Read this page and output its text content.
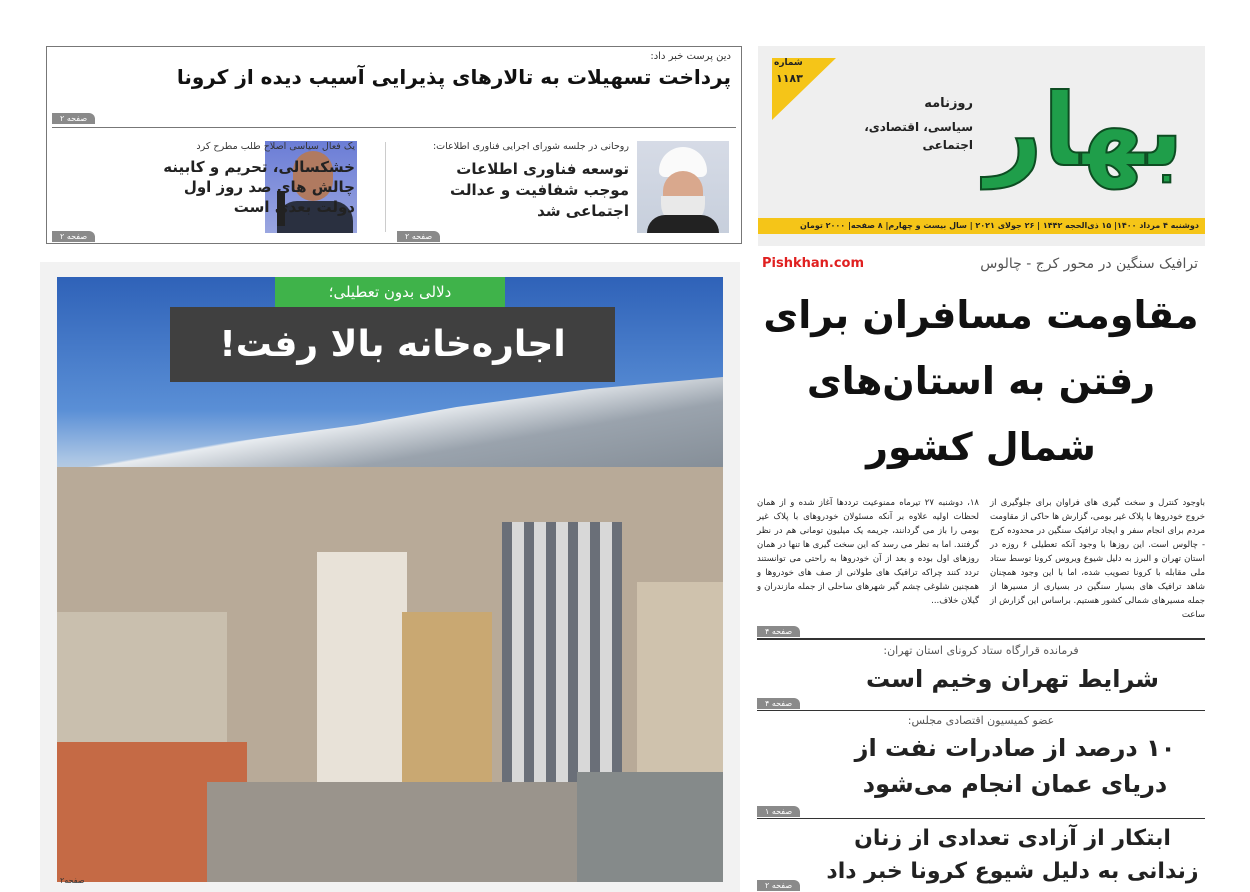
دین پرست خبر داد:
پرداخت تسهیلات به تالارهای پذیرایی آسیب دیده از کرونا
صفحه ۲
روحانی در جلسه شورای اجرایی فناوری اطلاعات:
توسعه فناوری اطلاعات موجب شفافیت و عدالت اجتماعی شد
صفحه ۲
یک فعال سیاسی اصلاح طلب مطرح کرد
خشکسالی، تحریم و کابینه چالش های صد روز اول دولت بعدی است
صفحه ۲
شماره
۱۱۸۳ بهار
روزنامه
سیاسی، اقتصادی، اجتماعی
دوشنبه ۴ مرداد ۱۴۰۰| ۱۵ ذی‌الحجه ۱۴۴۲ | ۲۶ جولای ۲۰۲۱ | سال بیست و چهارم| ۸ صفحه| ۲۰۰۰ تومان
Pishkhan.com	ترافیک سنگین در محور کرج - چالوس
مقاومت مسافران برای رفتن به استان‌های شمال کشور
باوجود کنترل و سخت گیری های فراوان برای جلوگیری از خروج خودروها با پلاک غیر بومی، گزارش ها حاکی از مقاومت مردم برای انجام سفر و ایجاد ترافیک سنگین در محدوده کرج - چالوس است. این روزها با وجود آنکه تعطیلی ۶ روزه در استان تهران و البرز به دلیل شیوع ویروس کرونا توسط ستاد ملی مقابله با کرونا تصویب شده، اما با این وجود همچنان شاهد ترافیک های بسیار سنگین در بسیاری از مسیرها از جمله مسیرهای شمالی کشور هستیم. براساس این گزارش از ساعت
۱۸، دوشنبه ۲۷ تیرماه ممنوعیت ترددها آغاز شده و از همان لحظات اولیه علاوه بر آنکه مسئولان خودروهای با پلاک غیر بومی را باز می گردانند، جریمه یک میلیون تومانی هم در نظر گرفتند. اما به نظر می رسد که این سخت گیری ها تنها در همان روزهای اول بوده و بعد از آن خودروها به راحتی می توانستند تردد کنند چراکه ترافیک های طولانی از صف های خودروها و همچنین شلوغی چشم گیر شهرهای ساحلی از جمله مازندران و گیلان خلاف...
صفحه ۴
فرمانده قرارگاه ستاد کرونای استان تهران:
شرایط تهران وخیم است
صفحه ۴
عضو کمیسیون اقتصادی مجلس:
۱۰ درصد از صادرات نفت از دریای عمان انجام می‌شود
صفحه ۱
ابتکار از آزادی تعدادی از زنان زندانی به دلیل شیوع کرونا خبر داد
صفحه ۲
دلالی بدون تعطیلی؛
اجاره‌خانه بالا رفت!
صفحه۲
